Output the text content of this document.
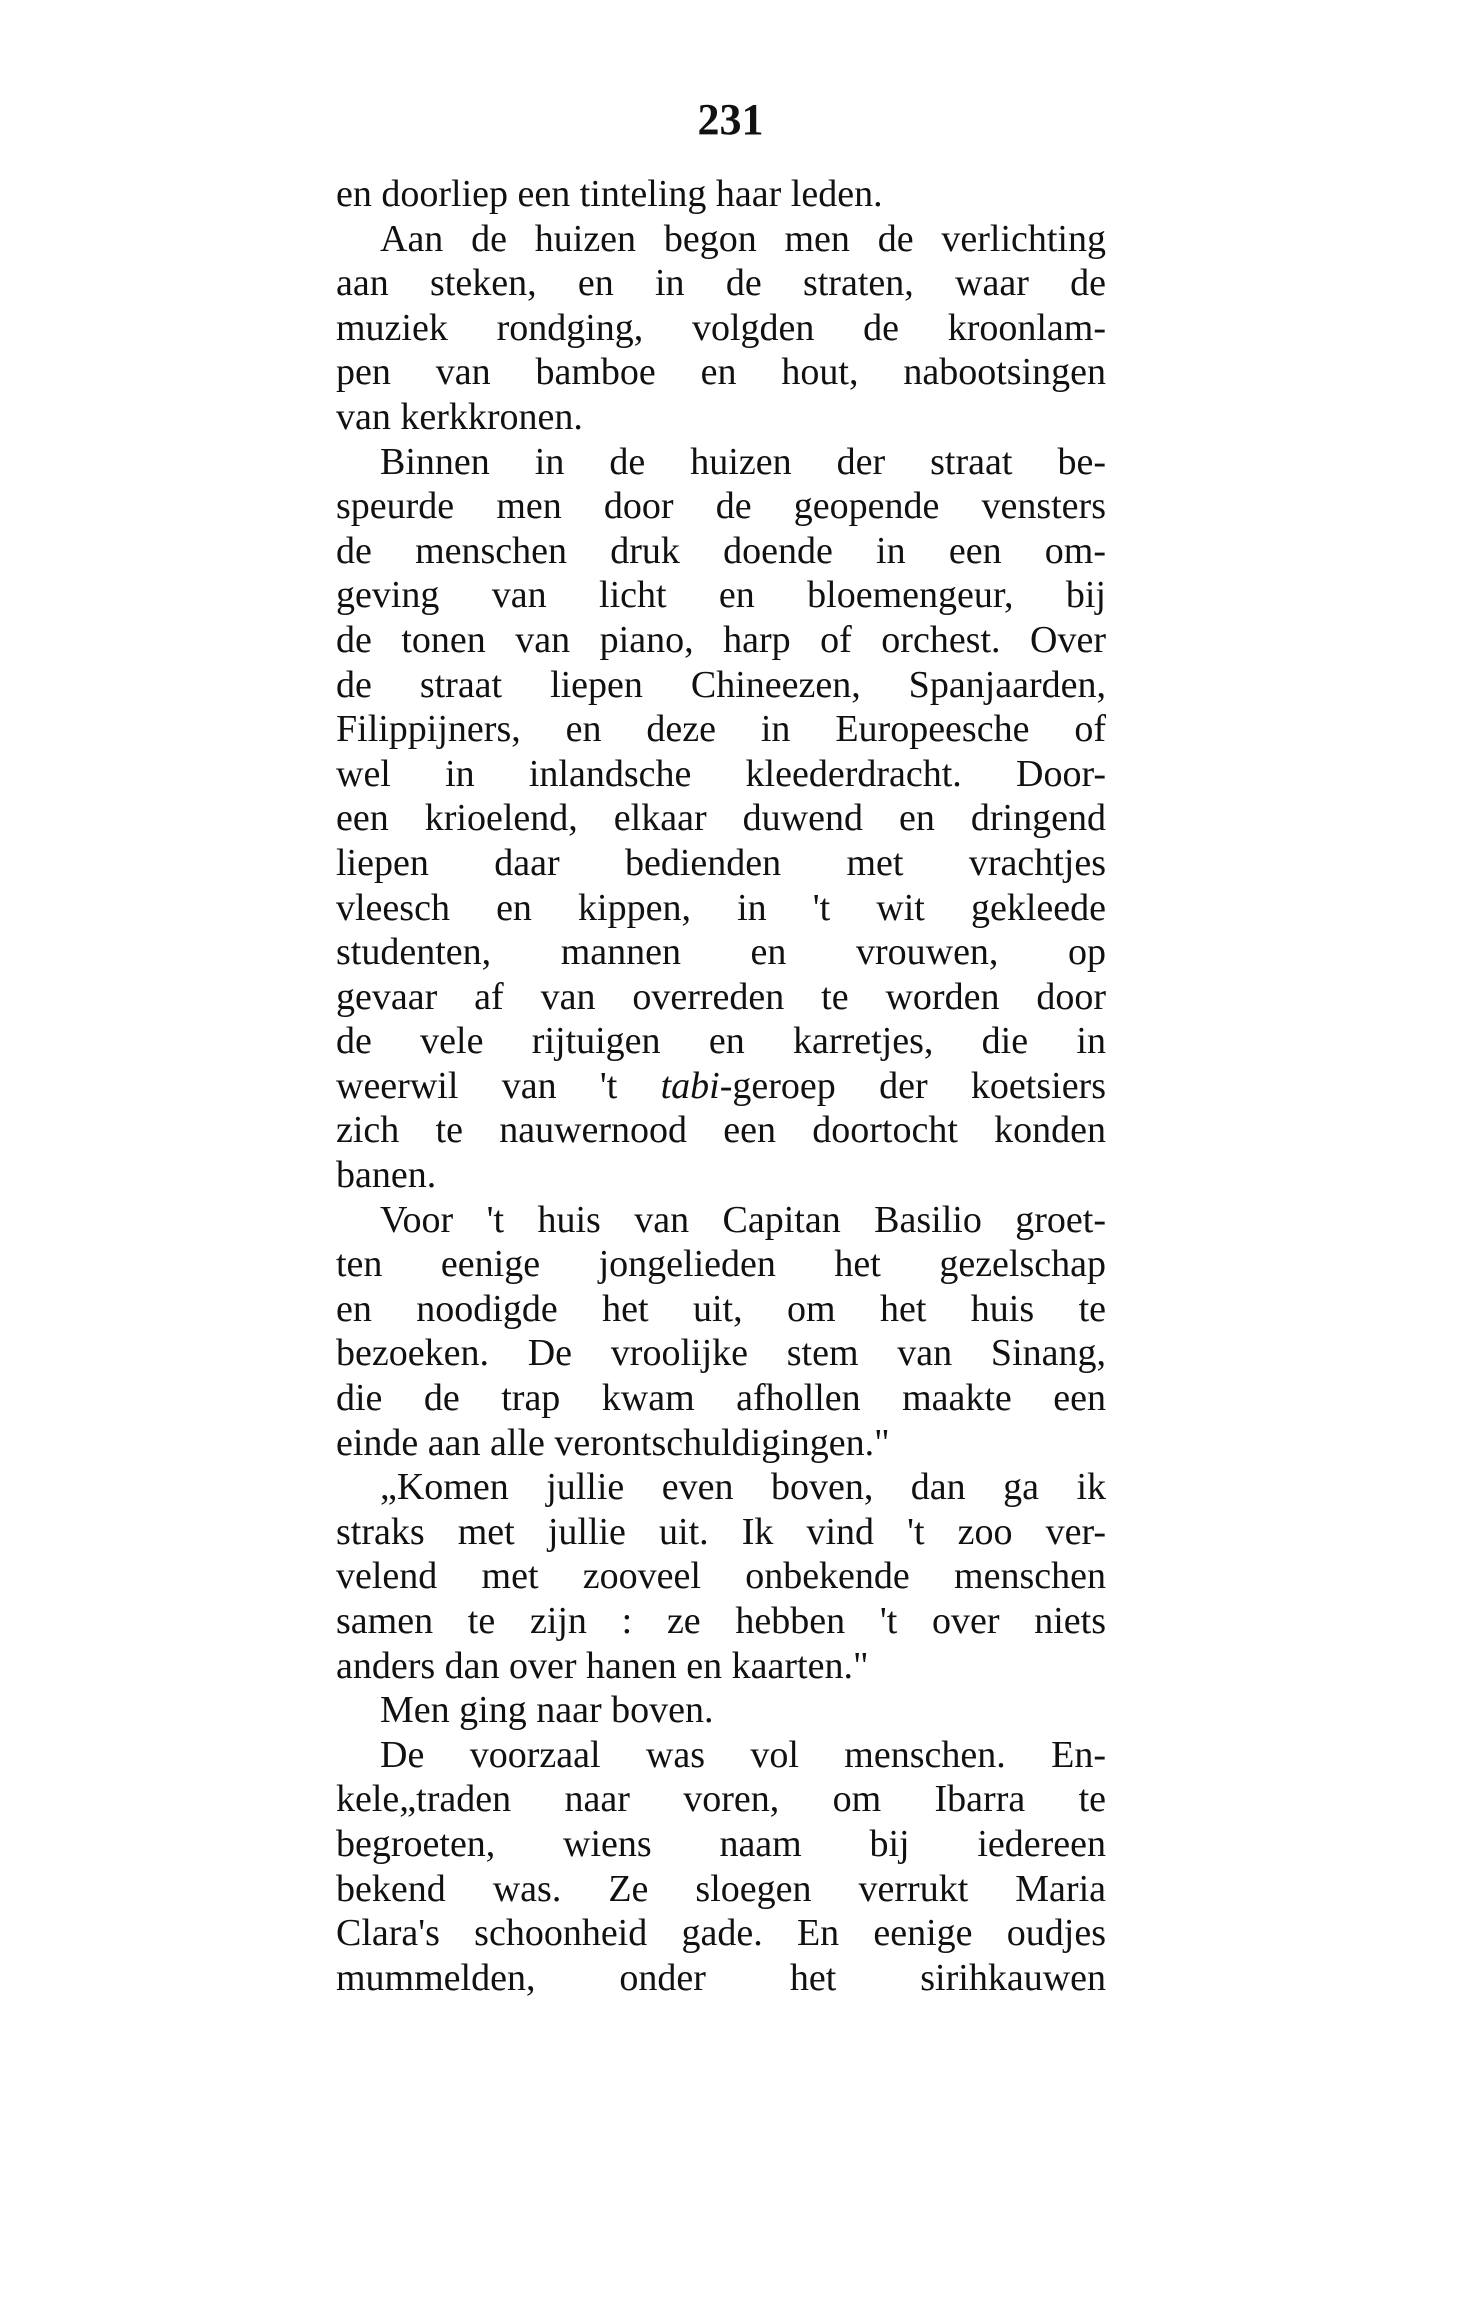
231

en doorliep een tinteling haar leden.

Aan de huizen begon men de verlichting
aan steken, en in de straten, waar de
muziek rondging, volgden de kroonlam-
pen van bamboe en hout, nabootsingen
van kerkkronen.

Binnen in de huizen der straat be-
speurde men door de geopende vensters
de menschen druk doende in een om-
geving van licht en bloemengeur, bij
de tonen van piano, harp of orchest. Over
de straat liepen Chineezen, Spanjaarden,
Filippijners, en deze in Europeesche of
wel in inlandsche kleederdracht. Door-
een krioelend, elkaar duwend en dringend
liepen daar bedienden met vrachtjes
vleesch en kippen, in 't wit gekleede
studenten, mannen en vrouwen, op
gevaar af van overreden te worden door
de vele rijtuigen en karretjes, die in
weerwil van 't tabi-geroep der koetsiers
zich te nauwernood een doortocht konden
banen.

Voor 't huis van Capitan Basilio groet-
ten eenige jongelieden het gezelschap
en noodigde het uit, om het huis te
bezoeken. De vroolijke stem van Sinang,
die de trap kwam afhollen maakte een
einde aan alle verontschuldigingen."

„Komen jullie even boven, dan ga ik
straks met jullie uit. Ik vind 't zoo ver-
velend met zooveel onbekende menschen
samen te zijn : ze hebben 't over niets
anders dan over hanen en kaarten."

Men ging naar boven.

De voorzaal was vol menschen. En-
kele„traden naar voren, om Ibarra te
begroeten, wiens naam bij iedereen
bekend was. Ze sloegen verrukt Maria
Clara's schoonheid gade. En eenige oudjes
mummelden, onder het sirihkauwen
